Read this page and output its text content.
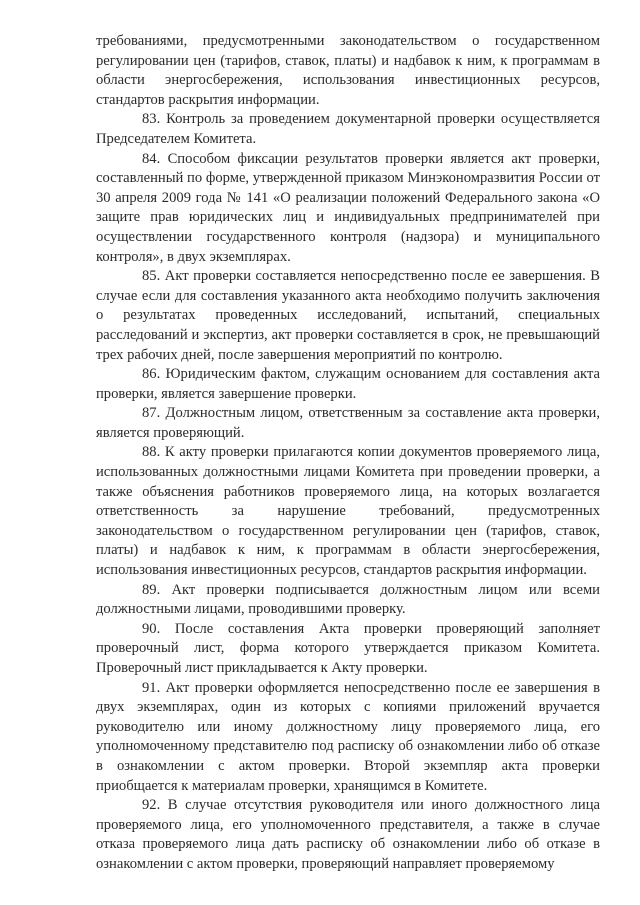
требованиями, предусмотренными законодательством о государственном регулировании цен (тарифов, ставок, платы) и надбавок к ним, к программам в области энергосбережения, использования инвестиционных ресурсов, стандартов раскрытия информации.

83. Контроль за проведением документарной проверки осуществляется Председателем Комитета.

84. Способом фиксации результатов проверки является акт проверки, составленный по форме, утвержденной приказом Минэкономразвития России от 30 апреля 2009 года № 141 «О реализации положений Федерального закона «О защите прав юридических лиц и индивидуальных предпринимателей при осуществлении государственного контроля (надзора) и муниципального контроля», в двух экземплярах.

85. Акт проверки составляется непосредственно после ее завершения. В случае если для составления указанного акта необходимо получить заключения о результатах проведенных исследований, испытаний, специальных расследований и экспертиз, акт проверки составляется в срок, не превышающий трех рабочих дней, после завершения мероприятий по контролю.

86. Юридическим фактом, служащим основанием для составления акта проверки, является завершение проверки.

87. Должностным лицом, ответственным за составление акта проверки, является проверяющий.

88. К акту проверки прилагаются копии документов проверяемого лица, использованных должностными лицами Комитета при проведении проверки, а также объяснения работников проверяемого лица, на которых возлагается ответственность за нарушение требований, предусмотренных законодательством о государственном регулировании цен (тарифов, ставок, платы) и надбавок к ним, к программам в области энергосбережения, использования инвестиционных ресурсов, стандартов раскрытия информации.

89. Акт проверки подписывается должностным лицом или всеми должностными лицами, проводившими проверку.

90. После составления Акта проверки проверяющий заполняет проверочный лист, форма которого утверждается приказом Комитета. Проверочный лист прикладывается к Акту проверки.

91. Акт проверки оформляется непосредственно после ее завершения в двух экземплярах, один из которых с копиями приложений вручается руководителю или иному должностному лицу проверяемого лица, его уполномоченному представителю под расписку об ознакомлении либо об отказе в ознакомлении с актом проверки. Второй экземпляр акта проверки приобщается к материалам проверки, хранящимся в Комитете.

92. В случае отсутствия руководителя или иного должностного лица проверяемого лица, его уполномоченного представителя, а также в случае отказа проверяемого лица дать расписку об ознакомлении либо об отказе в ознакомлении с актом проверки, проверяющий направляет проверяемому
